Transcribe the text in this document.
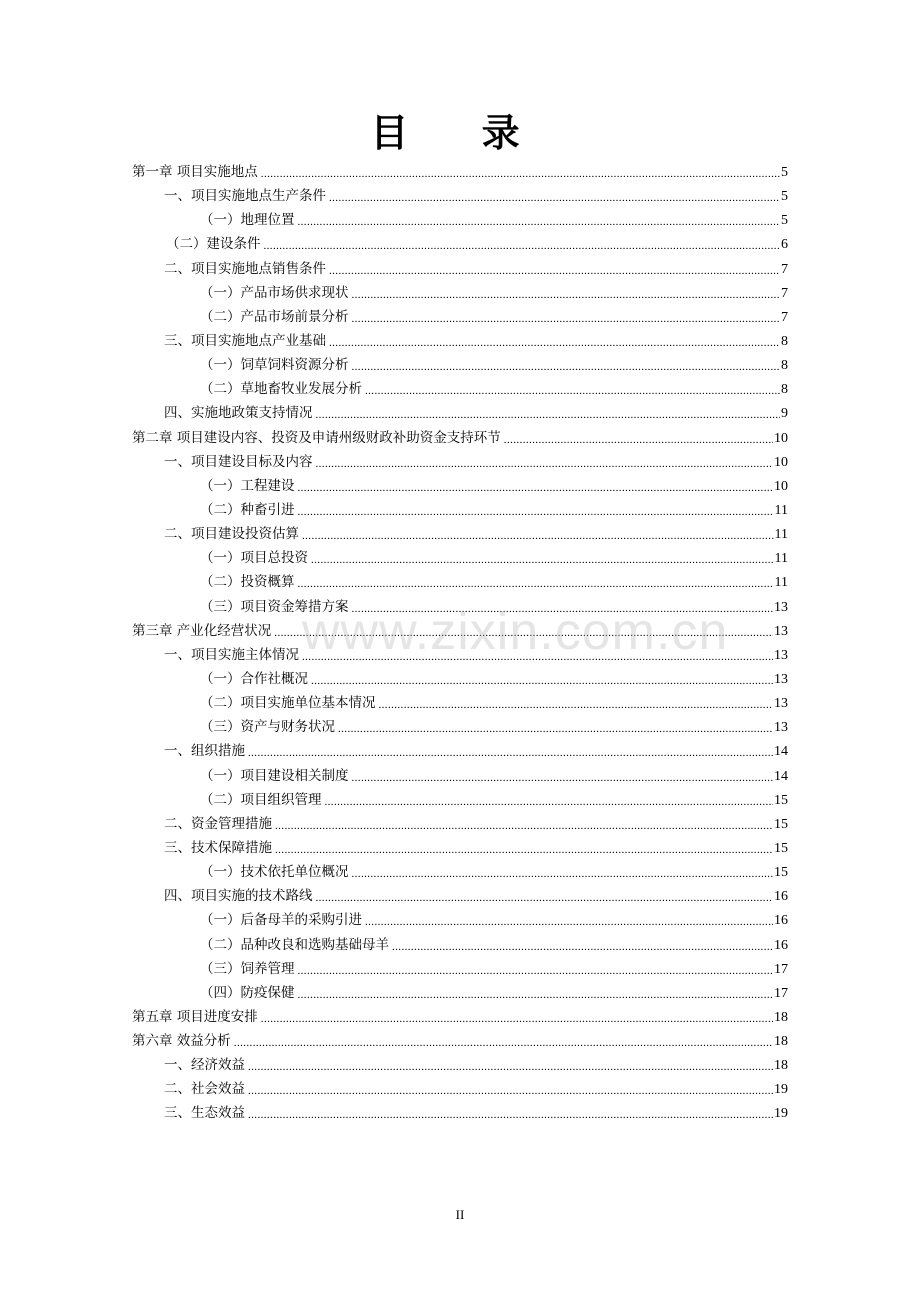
目 录
第一章 项目实施地点 .....	5
一、项目实施地点生产条件 .....	5
（一）地理位置 .....	5
（二）建设条件 .....	6
二、项目实施地点销售条件 .....	7
（一）产品市场供求现状 .....	7
（二）产品市场前景分析 .....	7
三、项目实施地点产业基础 .....	8
（一）饲草饲料资源分析 .....	8
（二）草地畜牧业发展分析 .....	8
四、实施地政策支持情况 .....	9
第二章 项目建设内容、投资及申请州级财政补助资金支持环节 .....	10
一、项目建设目标及内容 .....	10
（一）工程建设 .....	10
（二）种畜引进 .....	11
二、项目建设投资估算 .....	11
（一）项目总投资 .....	11
（二）投资概算 .....	11
（三）项目资金筹措方案 .....	13
第三章 产业化经营状况 .....	13
一、项目实施主体情况 .....	13
（一）合作社概况 .....	13
（二）项目实施单位基本情况 .....	13
（三）资产与财务状况 .....	13
一、组织措施 .....	14
（一）项目建设相关制度 .....	14
（二）项目组织管理 .....	15
二、资金管理措施 .....	15
三、技术保障措施 .....	15
（一）技术依托单位概况 .....	15
四、项目实施的技术路线 .....	16
（一）后备母羊的采购引进 .....	16
（二）品种改良和选购基础母羊 .....	16
（三）饲养管理 .....	17
（四）防疫保健 .....	17
第五章 项目进度安排 .....	18
第六章 效益分析 .....	18
一、经济效益 .....	18
二、社会效益 .....	19
三、生态效益 .....	19
www.zixin.com.cn
II
